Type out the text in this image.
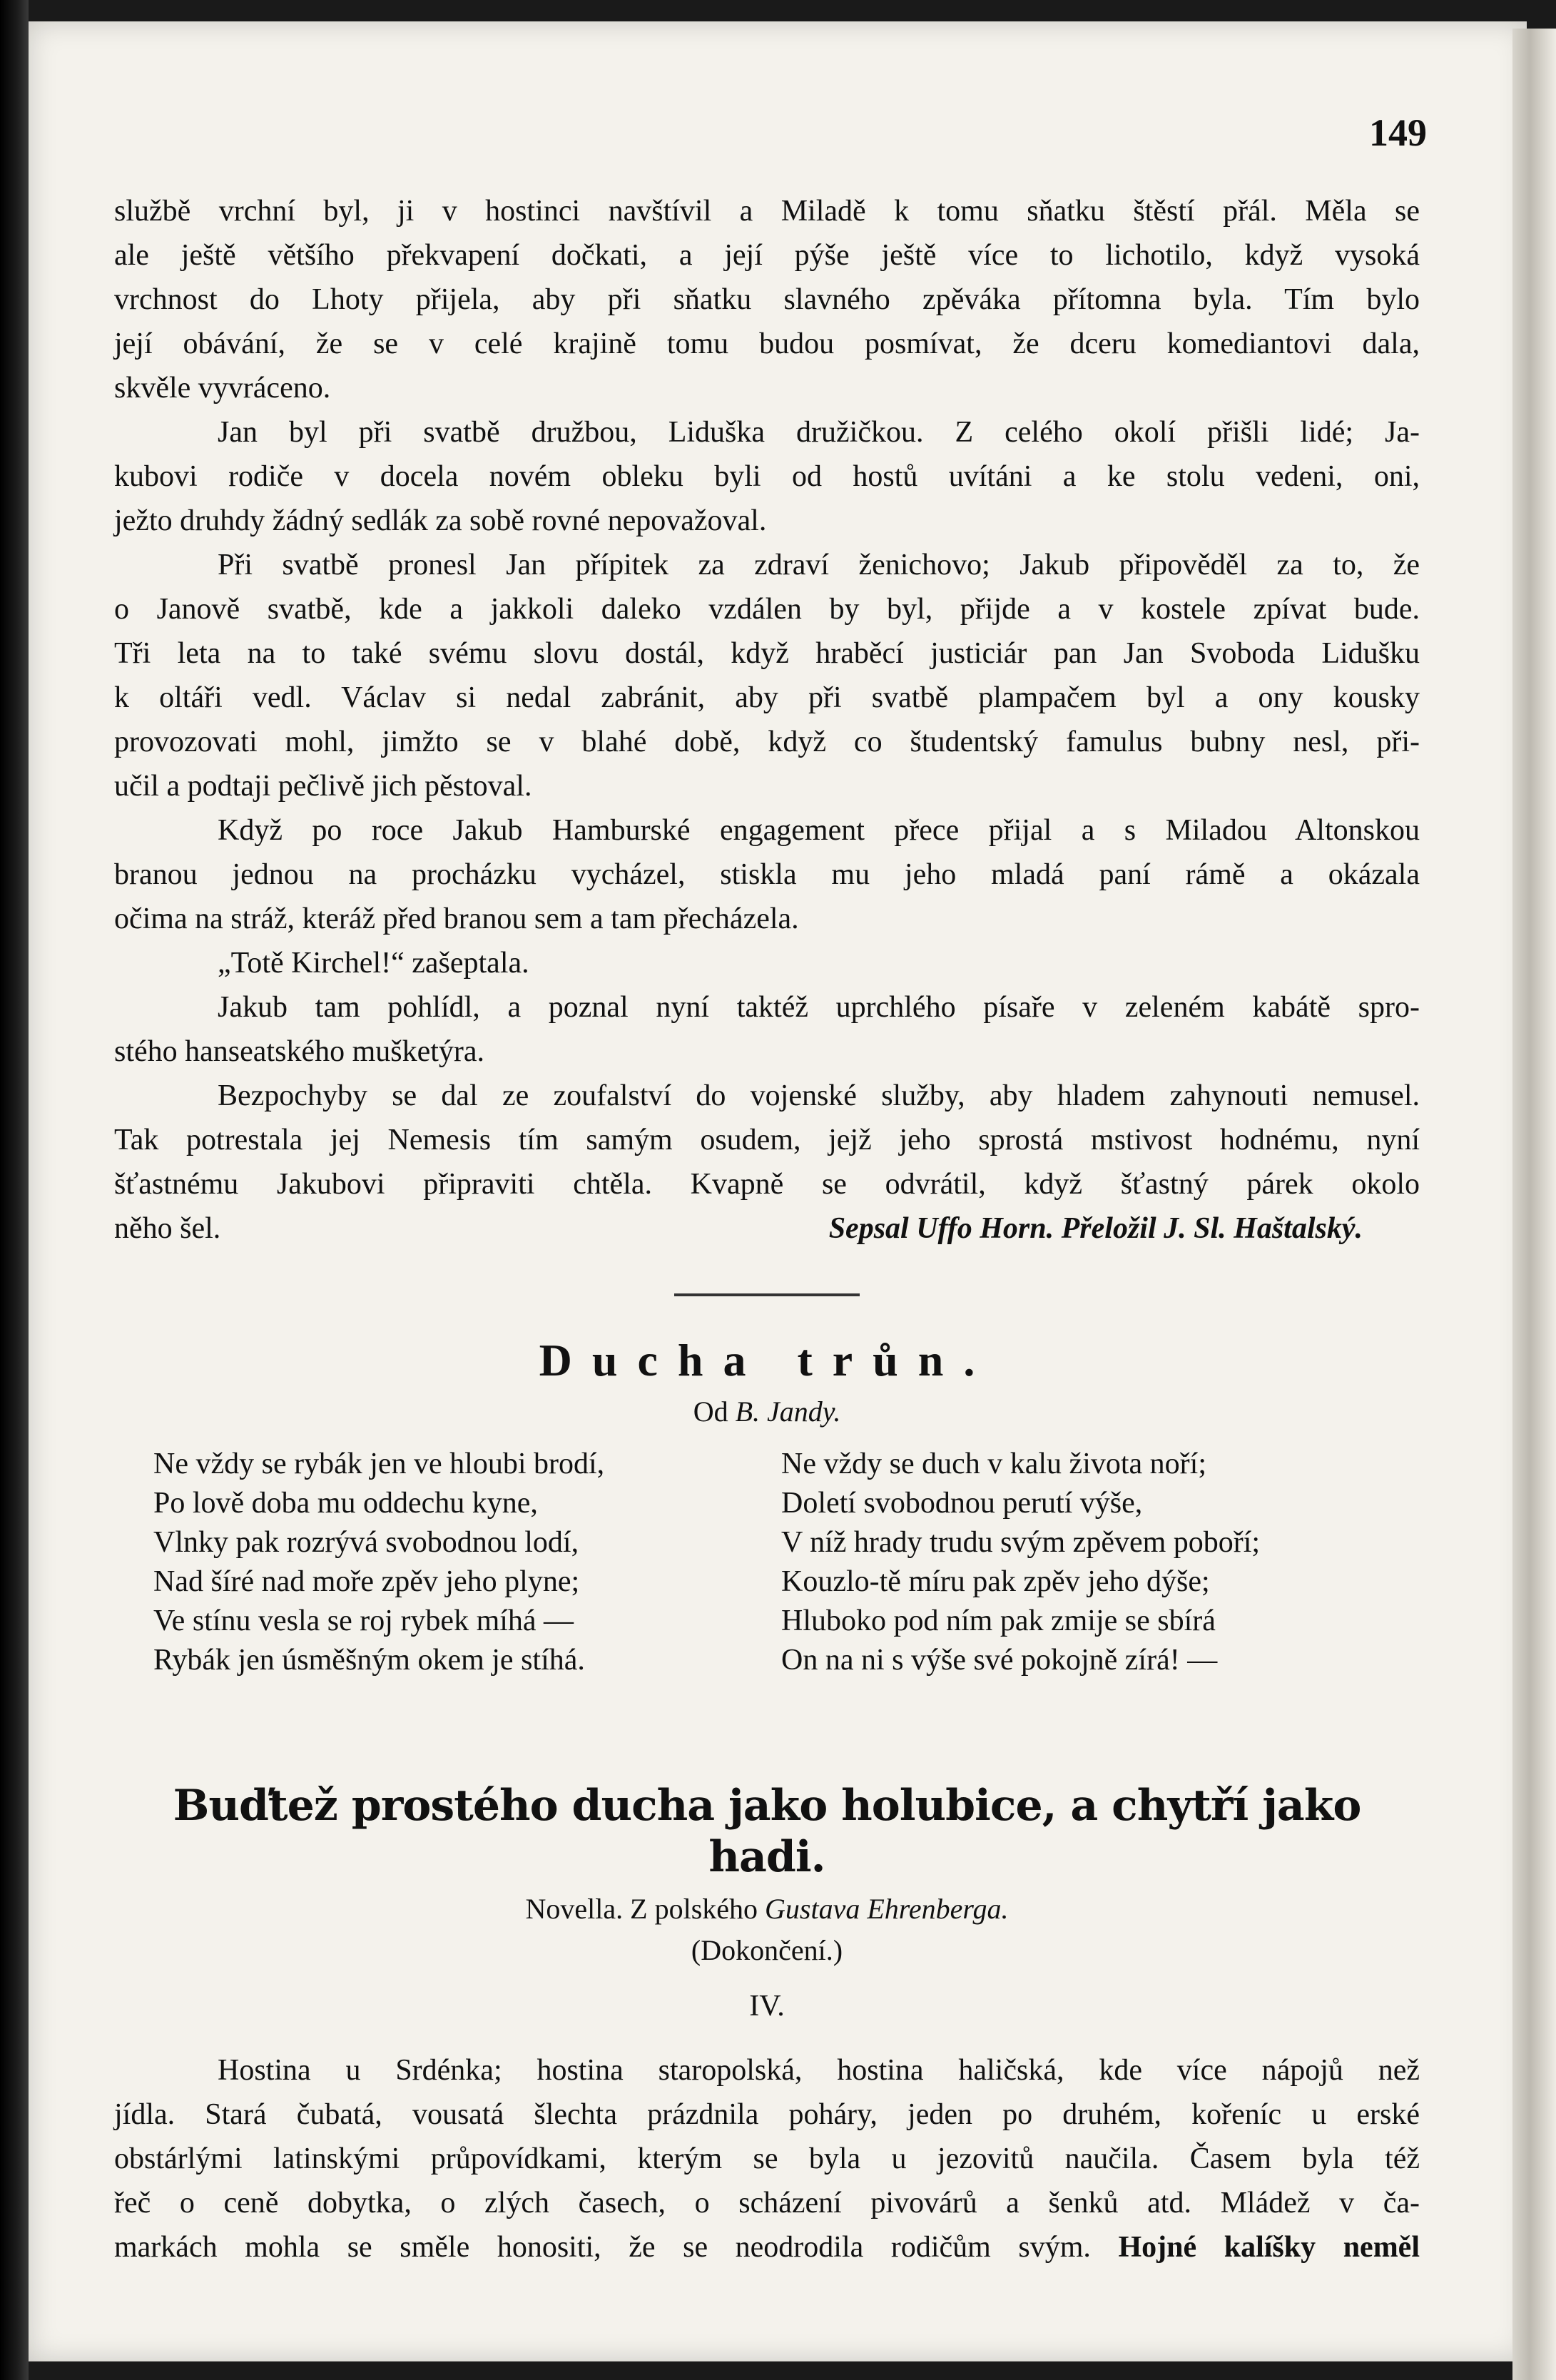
149

službě vrchní byl, ji v hostinci navštívil a Miladě k tomu sňatku štěstí přál. Měla se
ale ještě většího překvapení dočkati, a její pýše ještě více to lichotilo, když vysoká
vrchnost do Lhoty přijela, aby při sňatku slavného zpěváka přítomna byla. Tím bylo
její obávání, že se v celé krajině tomu budou posmívat, že dceru komediantovi dala,
skvěle vyvráceno.

Jan byl při svatbě družbou, Liduška družičkou. Z celého okolí přišli lidé; Ja-
kubovi rodiče v docela novém obleku byli od hostů uvítáni a ke stolu vedeni, oni,
ježto druhdy žádný sedlák za sobě rovné nepovažoval.

Při svatbě pronesl Jan přípitek za zdraví ženichovo; Jakub připověděl za to, že
o Janově svatbě, kde a jakkoli daleko vzdálen by byl, přijde a v kostele zpívat bude.
Tři leta na to také svému slovu dostál, když hraběcí justiciár pan Jan Svoboda Lidušku
k oltáři vedl. Václav si nedal zabránit, aby při svatbě plampačem byl a ony kousky
provozovati mohl, jimžto se v blahé době, když co študentský famulus bubny nesl, při-
učil a podtaji pečlivě jich pěstoval.

Když po roce Jakub Hamburské engagement přece přijal a s Miladou Altonskou
branou jednou na procházku vycházel, stiskla mu jeho mladá paní rámě a okázala
očima na stráž, kteráž před branou sem a tam přecházela.

„Totě Kirchel!“ zašeptala.

Jakub tam pohlídl, a poznal nyní taktéž uprchlého písaře v zeleném kabátě spro-
stého hanseatského mušketýra.

Bezpochyby se dal ze zoufalství do vojenské služby, aby hladem zahynouti nemusel.
Tak potrestala jej Nemesis tím samým osudem, jejž jeho sprostá mstivost hodnému, nyní
šťastnému Jakubovi připraviti chtěla. Kvapně se odvrátil, když šťastný párek okolo

něho šel.	Sepsal Uffo Horn. Přeložil J. Sl. Haštalský.
Ducha trůn.
Od B. Jandy.
Ne vždy se rybák jen ve hloubi brodí,
Po lově doba mu oddechu kyne,
Vlnky pak rozrývá svobodnou lodí,
Nad šíré nad moře zpěv jeho plyne;
Ve stínu vesla se roj rybek míhá —
Rybák jen úsměšným okem je stíhá.
Ne vždy se duch v kalu života noří;
Doletí svobodnou perutí výše,
V níž hrady trudu svým zpěvem poboří;
Kouzlo-tě míru pak zpěv jeho dýše;
Hluboko pod ním pak zmije se sbírá
On na ni s výše své pokojně zírá! —
Buďtež prostého ducha jako holubice, a chytří jako hadi.
Novella. Z polského Gustava Ehrenberga.
(Dokončení.)
IV.
Hostina u Srdénka; hostina staropolská, hostina haličská, kde více nápojů než
jídla. Stará čubatá, vousatá šlechta prázdnila poháry, jeden po druhém, kořeníc u erské
obstárlými latinskými průpovídkami, kterým se byla u jezovitů naučila. Časem byla též
řeč o ceně dobytka, o zlých časech, o scházení pivovárů a šenků atd. Mládež v ča-
markách mohla se směle honositi, že se neodrodila rodičům svým. Hojné kalíšky neměl
